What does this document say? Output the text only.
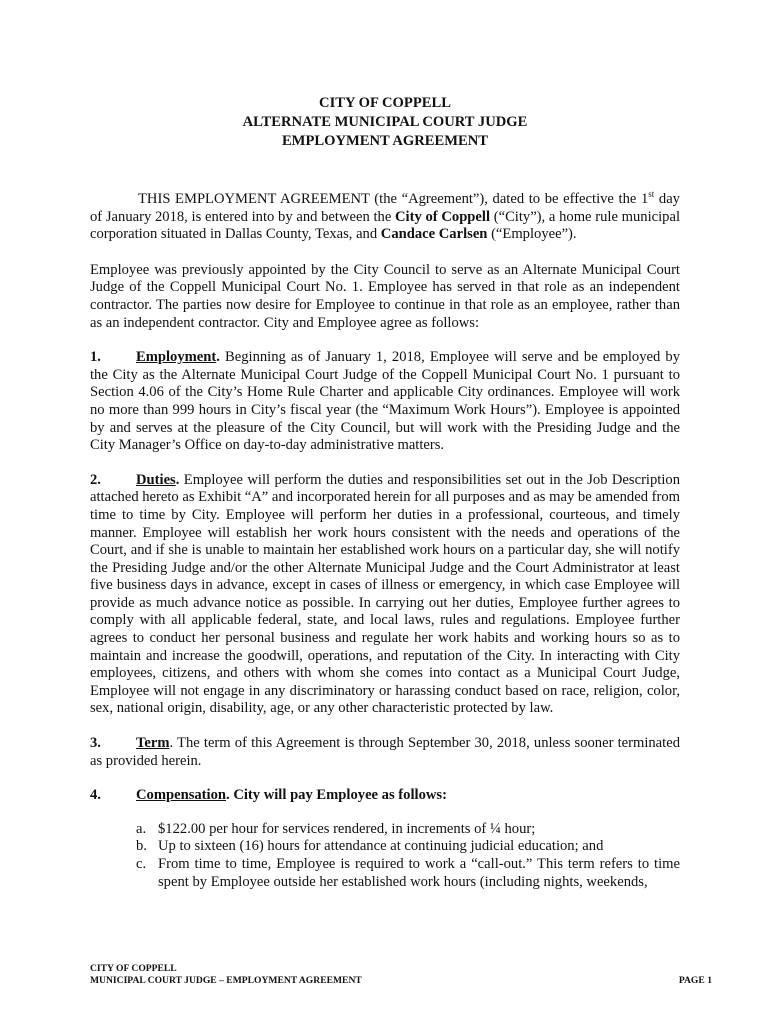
CITY OF COPPELL
ALTERNATE MUNICIPAL COURT JUDGE
EMPLOYMENT AGREEMENT

THIS EMPLOYMENT AGREEMENT (the “Agreement”), dated to be effective the 1st day of January 2018, is entered into by and between the City of Coppell (“City”), a home rule municipal corporation situated in Dallas County, Texas, and Candace Carlsen (“Employee”).

Employee was previously appointed by the City Council to serve as an Alternate Municipal Court Judge of the Coppell Municipal Court No. 1. Employee has served in that role as an independent contractor. The parties now desire for Employee to continue in that role as an employee, rather than as an independent contractor. City and Employee agree as follows:

1. Employment. Beginning as of January 1, 2018, Employee will serve and be employed by the City as the Alternate Municipal Court Judge of the Coppell Municipal Court No. 1 pursuant to Section 4.06 of the City’s Home Rule Charter and applicable City ordinances. Employee will work no more than 999 hours in City’s fiscal year (the “Maximum Work Hours”). Employee is appointed by and serves at the pleasure of the City Council, but will work with the Presiding Judge and the City Manager’s Office on day-to-day administrative matters.

2. Duties. Employee will perform the duties and responsibilities set out in the Job Description attached hereto as Exhibit “A” and incorporated herein for all purposes and as may be amended from time to time by City. Employee will perform her duties in a professional, courteous, and timely manner. Employee will establish her work hours consistent with the needs and operations of the Court, and if she is unable to maintain her established work hours on a particular day, she will notify the Presiding Judge and/or the other Alternate Municipal Judge and the Court Administrator at least five business days in advance, except in cases of illness or emergency, in which case Employee will provide as much advance notice as possible. In carrying out her duties, Employee further agrees to comply with all applicable federal, state, and local laws, rules and regulations. Employee further agrees to conduct her personal business and regulate her work habits and working hours so as to maintain and increase the goodwill, operations, and reputation of the City. In interacting with City employees, citizens, and others with whom she comes into contact as a Municipal Court Judge, Employee will not engage in any discriminatory or harassing conduct based on race, religion, color, sex, national origin, disability, age, or any other characteristic protected by law.

3. Term. The term of this Agreement is through September 30, 2018, unless sooner terminated as provided herein.

4. Compensation. City will pay Employee as follows:

a. $122.00 per hour for services rendered, in increments of ¼ hour;
b. Up to sixteen (16) hours for attendance at continuing judicial education; and
c. From time to time, Employee is required to work a “call-out.” This term refers to time spent by Employee outside her established work hours (including nights, weekends,
CITY OF COPPELL
MUNICIPAL COURT JUDGE – EMPLOYMENT AGREEMENT	PAGE 1
